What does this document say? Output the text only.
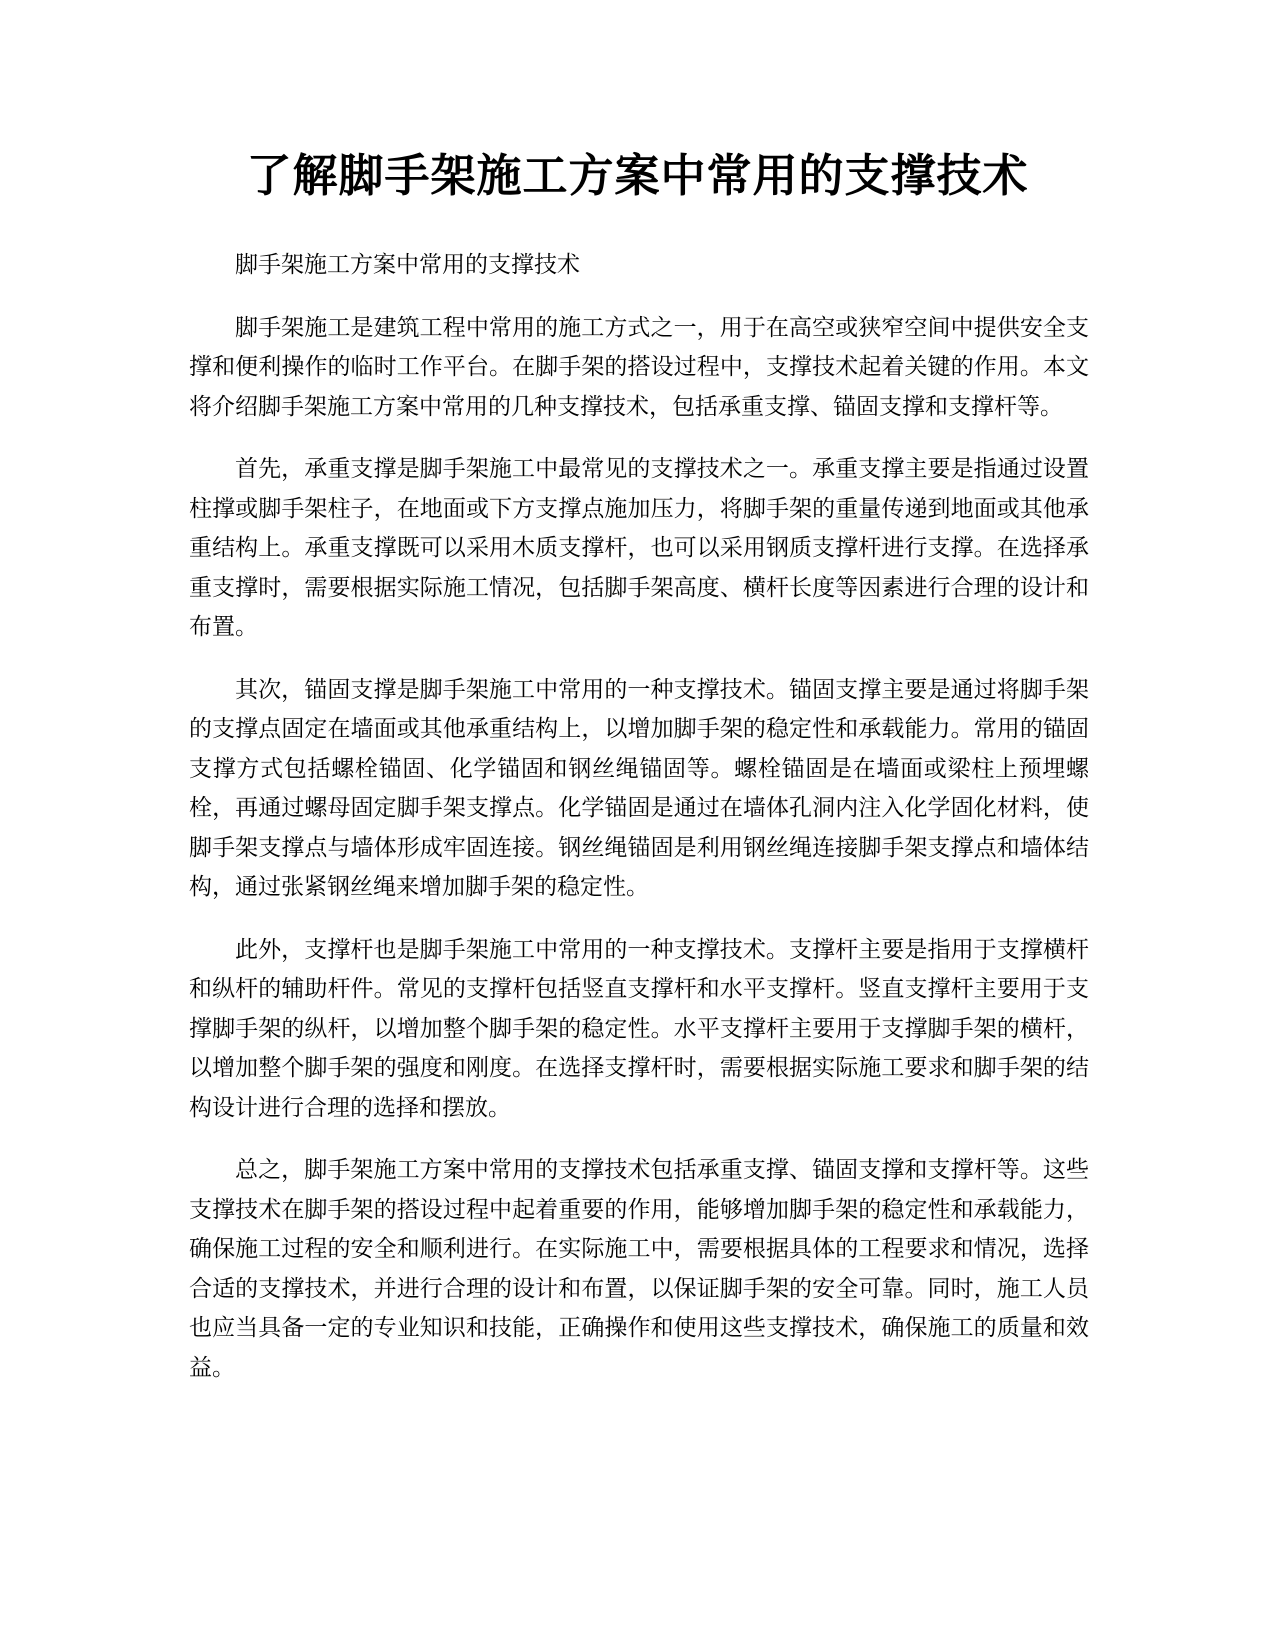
了解脚手架施工方案中常用的支撑技术

脚手架施工方案中常用的支撑技术

脚手架施工是建筑工程中常用的施工方式之一，用于在高空或狭窄空间中提供安全支撑和便利操作的临时工作平台。在脚手架的搭设过程中，支撑技术起着关键的作用。本文将介绍脚手架施工方案中常用的几种支撑技术，包括承重支撑、锚固支撑和支撑杆等。

首先，承重支撑是脚手架施工中最常见的支撑技术之一。承重支撑主要是指通过设置柱撑或脚手架柱子，在地面或下方支撑点施加压力，将脚手架的重量传递到地面或其他承重结构上。承重支撑既可以采用木质支撑杆，也可以采用钢质支撑杆进行支撑。在选择承重支撑时，需要根据实际施工情况，包括脚手架高度、横杆长度等因素进行合理的设计和布置。

其次，锚固支撑是脚手架施工中常用的一种支撑技术。锚固支撑主要是通过将脚手架的支撑点固定在墙面或其他承重结构上，以增加脚手架的稳定性和承载能力。常用的锚固支撑方式包括螺栓锚固、化学锚固和钢丝绳锚固等。螺栓锚固是在墙面或梁柱上预埋螺栓，再通过螺母固定脚手架支撑点。化学锚固是通过在墙体孔洞内注入化学固化材料，使脚手架支撑点与墙体形成牢固连接。钢丝绳锚固是利用钢丝绳连接脚手架支撑点和墙体结构，通过张紧钢丝绳来增加脚手架的稳定性。

此外，支撑杆也是脚手架施工中常用的一种支撑技术。支撑杆主要是指用于支撑横杆和纵杆的辅助杆件。常见的支撑杆包括竖直支撑杆和水平支撑杆。竖直支撑杆主要用于支撑脚手架的纵杆，以增加整个脚手架的稳定性。水平支撑杆主要用于支撑脚手架的横杆，以增加整个脚手架的强度和刚度。在选择支撑杆时，需要根据实际施工要求和脚手架的结构设计进行合理的选择和摆放。

总之，脚手架施工方案中常用的支撑技术包括承重支撑、锚固支撑和支撑杆等。这些支撑技术在脚手架的搭设过程中起着重要的作用，能够增加脚手架的稳定性和承载能力，确保施工过程的安全和顺利进行。在实际施工中，需要根据具体的工程要求和情况，选择合适的支撑技术，并进行合理的设计和布置，以保证脚手架的安全可靠。同时，施工人员也应当具备一定的专业知识和技能，正确操作和使用这些支撑技术，确保施工的质量和效益。
